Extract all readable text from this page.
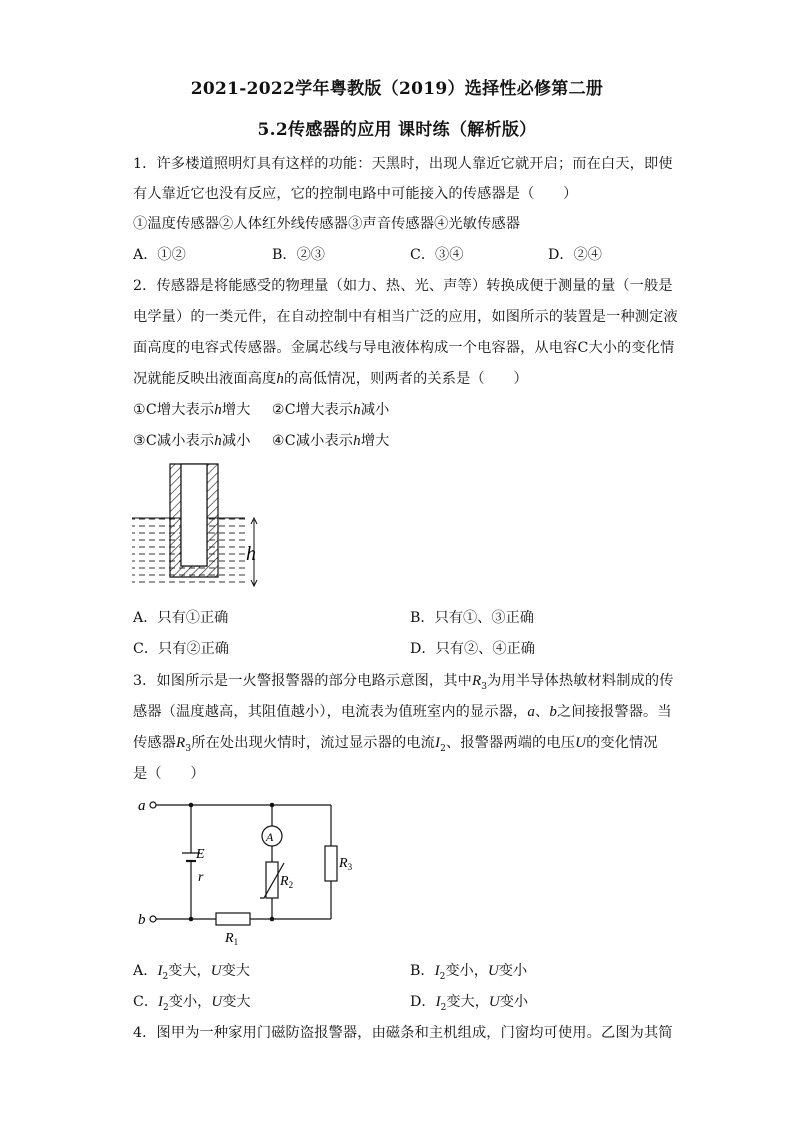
2021-2022学年粤教版（2019）选择性必修第二册
5.2传感器的应用 课时练（解析版）
1．许多楼道照明灯具有这样的功能：天黑时，出现人靠近它就开启；而在白天，即使
有人靠近它也没有反应，它的控制电路中可能接入的传感器是（　　）
①温度传感器②人体红外线传感器③声音传感器④光敏传感器
A．①②	B．②③	C．③④	D．②④
2．传感器是将能感受的物理量（如力、热、光、声等）转换成便于测量的量（一般是
电学量）的一类元件，在自动控制中有相当广泛的应用，如图所示的装置是一种测定液
面高度的电容式传感器。金属芯线与导电液体构成一个电容器，从电容C大小的变化情
况就能反映出液面高度h的高低情况，则两者的关系是（　　）
①C增大表示h增大 ②C增大表示h减小
③C减小表示h减小 ④C减小表示h增大
h
A．只有①正确	B．只有①、③正确
C．只有②正确	D．只有②、④正确
3．如图所示是一火警报警器的部分电路示意图，其中$R_3$为用半导体热敏材料制成的传
感器（温度越高，其阻值越小），电流表为值班室内的显示器，a、b之间接报警器。当
传感器$R_3$所在处出现火情时，流过显示器的电流$I_2$、报警器两端的电压U的变化情况
是（　　）
a
b
E
r
A
$R_1$
$R_2$
$R_3$
A．$I_2$变大，U变大	B．$I_2$变小，U变小
C．$I_2$变小，U变大	D．$I_2$变大，U变小
4．图甲为一种家用门磁防盗报警器，由磁条和主机组成，门窗均可使用。乙图为其简
